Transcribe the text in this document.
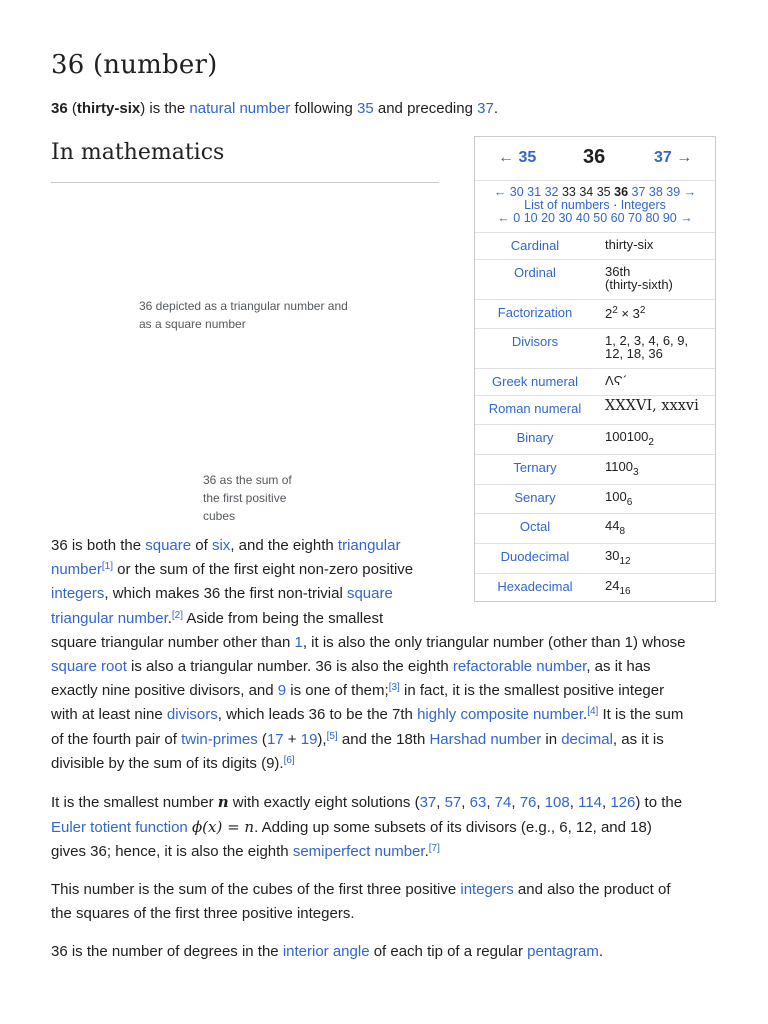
36 (number)
36 (thirty-six) is the natural number following 35 and preceding 37.
In mathematics
36 depicted as a triangular number and as a square number
36 as the sum of the first positive cubes
← 35 36	37 →
← 30 31 32 33 34 35 36 37 38 39 →
List of numbers · Integers
← 0 10 20 30 40 50 60 70 80 90 →
Cardinal	thirty-six
Ordinal	36th
(thirty-sixth)
Factorization	$2^2 \times 3^2$
Divisors	1, 2, 3, 4, 6, 9,
12, 18, 36
Greek numeral	ΛϚ´
Roman numeral	XXXVI, xxxvi
Binary	$100100_2$
Ternary	$1100_3$
Senary	$100_6$
Octal	$44_8$
Duodecimal	$30_{12}$
Hexadecimal	$24_{16}$
36 is both the square of six, and the eighth triangular
number[1] or the sum of the first eight non-zero positive
integers, which makes 36 the first non-trivial square
triangular number.[2] Aside from being the smallest
square triangular number other than 1, it is also the only triangular number (other than 1) whose
square root is also a triangular number. 36 is also the eighth refactorable number, as it has
exactly nine positive divisors, and 9 is one of them;[3] in fact, it is the smallest positive integer
with at least nine divisors, which leads 36 to be the 7th highly composite number.[4] It is the sum
of the fourth pair of twin-primes (17 + 19),[5] and the 18th Harshad number in decimal, as it is
divisible by the sum of its digits (9).[6]
It is the smallest number n with exactly eight solutions (37, 57, 63, 74, 76, 108, 114, 126) to the
Euler totient function ϕ(x) = n. Adding up some subsets of its divisors (e.g., 6, 12, and 18)
gives 36; hence, it is also the eighth semiperfect number.[7]
This number is the sum of the cubes of the first three positive integers and also the product of
the squares of the first three positive integers.
36 is the number of degrees in the interior angle of each tip of a regular pentagram.
